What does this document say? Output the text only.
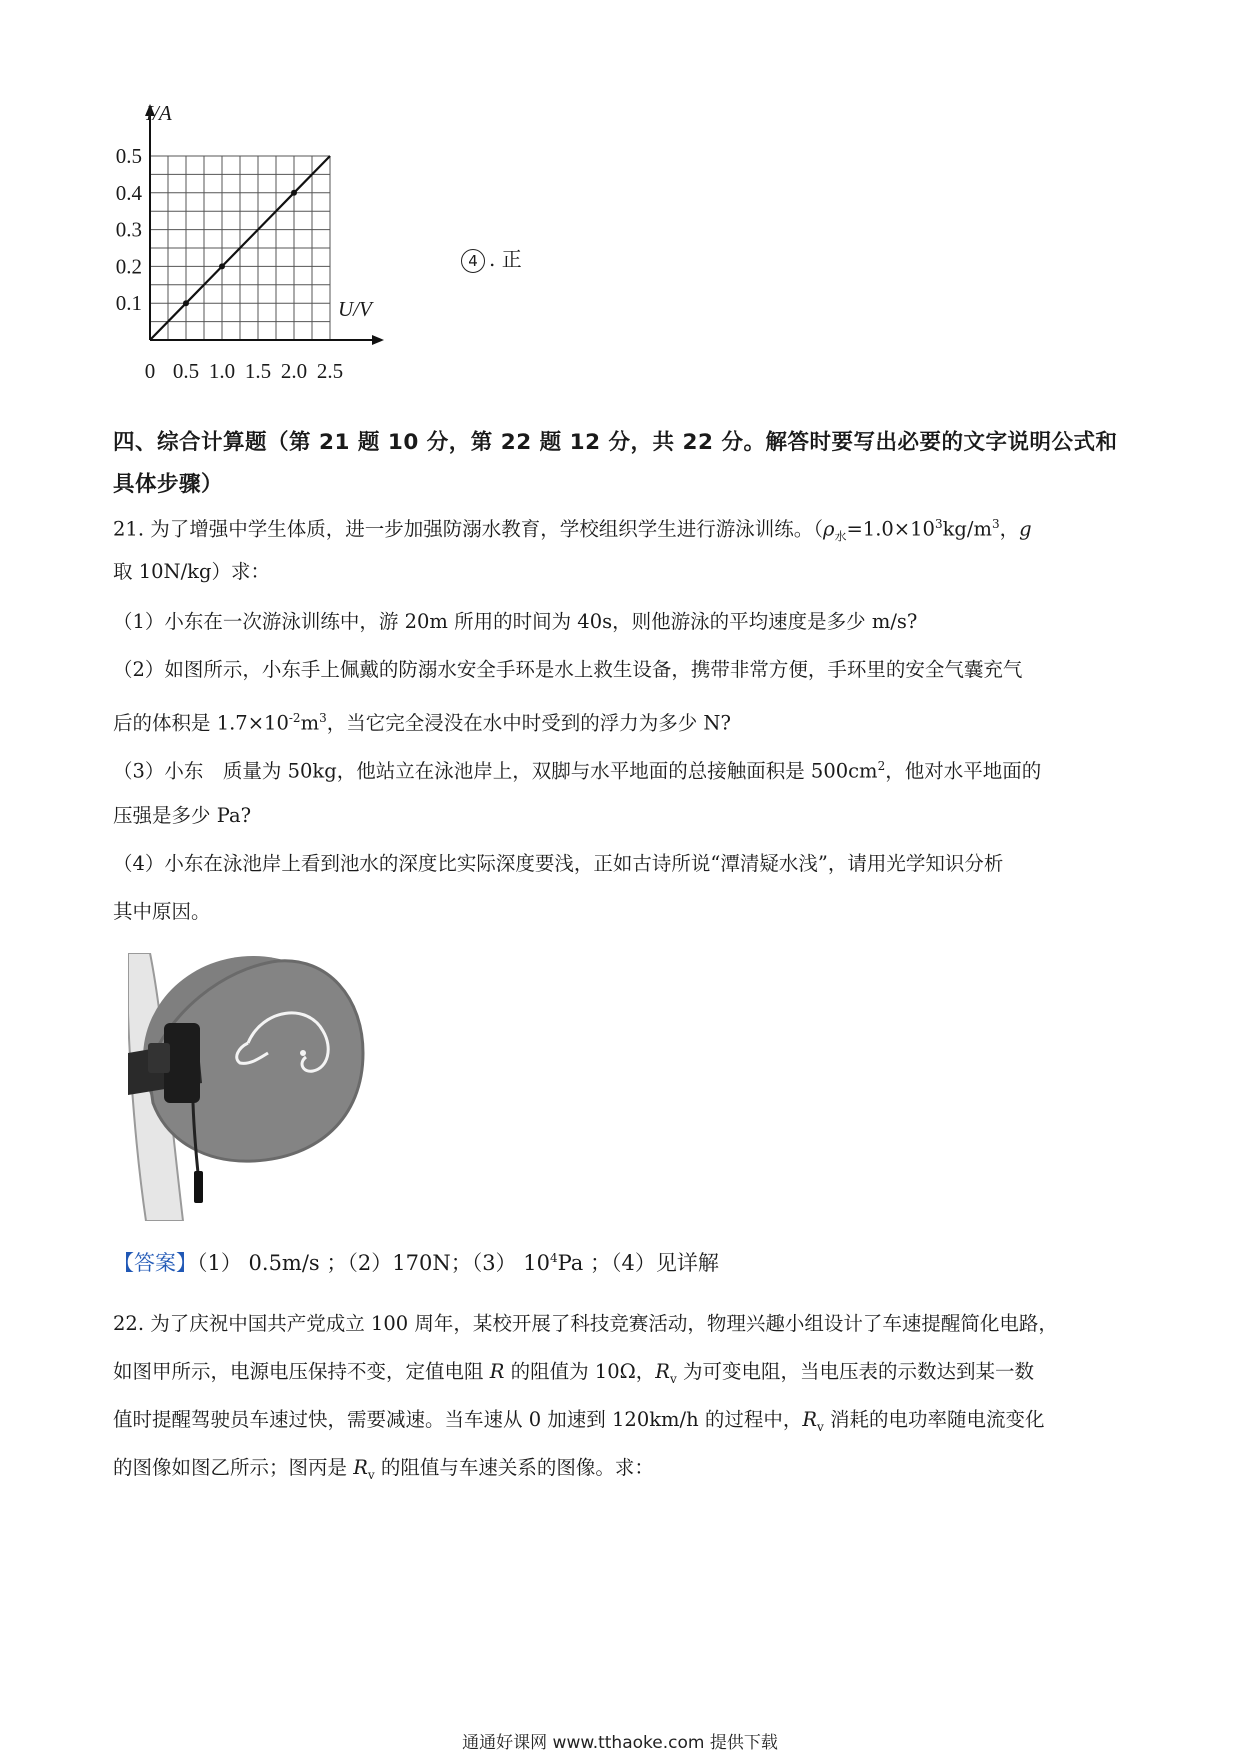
I/A
U/V
0 0.5 1.0 1.5 2.0 2.5
0.1
0.2
0.3
0.4
0.5
4 . 正
四、综合计算题（第 21 题 10 分，第 22 题 12 分，共 22 分。解答时要写出必要的文字说明公式和具体步骤）
21. 为了增强中学生体质，进一步加强防溺水教育，学校组织学生进行游泳训练。（$\rho_水=1.0\times 10^3kg/m^3$，g
取 10N/kg）求：
（1）小东在一次游泳训练中，游 20m 所用的时间为 40s，则他游泳的平均速度是多少 m/s?
（2）如图所示，小东手上佩戴的防溺水安全手环是水上救生设备，携带非常方便，手环里的安全气囊充气
后的体积是 $1.7\times 10^{-2}m^3$，当它完全浸没在水中时受到的浮力为多少 N?
（3）小东　质量为 50kg，他站立在泳池岸上，双脚与水平地面的总接触面积是 $500cm^2$，他对水平地面的
压强是多少 Pa?
（4）小东在泳池岸上看到池水的深度比实际深度要浅，正如古诗所说“潭清疑水浅”，请用光学知识分析
其中原因。
【答案】（1） 0.5m/s ；（2）170N；（3） $10^4Pa$ ；（4）见详解
22. 为了庆祝中国共产党成立 100 周年，某校开展了科技竞赛活动，物理兴趣小组设计了车速提醒简化电路，
如图甲所示，电源电压保持不变，定值电阻 R 的阻值为 10Ω，$R_v$ 为可变电阻，当电压表的示数达到某一数
值时提醒驾驶员车速过快，需要减速。当车速从 0 加速到 120km/h 的过程中，$R_v$ 消耗的电功率随电流变化
的图像如图乙所示；图丙是 $R_v$ 的阻值与车速关系的图像。求：
通通好课网 www.tthaoke.com 提供下载
